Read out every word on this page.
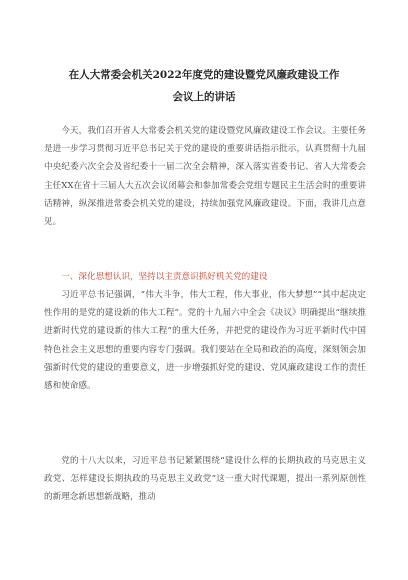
在人大常委会机关2022年度党的建设暨党风廉政建设工作
会议上的讲话

今天，我们召开省人大常委会机关党的建设暨党风廉政建设工作会议。主要任务是进一步学习贯彻习近平总书记关于党的建设的重要讲话指示批示，认真贯彻十九届中央纪委六次全会及省纪委十一届二次全会精神，深入落实省委书记、省人大常委会主任XX在省十三届人大五次会议闭幕会和参加常委会党组专题民主生活会时的重要讲话精神，纵深推进常委会机关党的建设，持续加强党风廉政建设。下面，我讲几点意见。

一、深化思想认识，坚持以主责意识抓好机关党的建设

习近平总书记强调，“伟大斗争，伟大工程，伟大事业，伟大梦想”“其中起决定性作用的是党的建设新的伟大工程”。党的十九届六中全会《决议》明确提出“继续推进新时代党的建设新的伟大工程”的重大任务，并把党的建设作为习近平新时代中国特色社会主义思想的重要内容专门强调。我们要站在全局和政治的高度，深刻领会加强新时代党的建设的重要意义，进一步增强抓好党的建设、党风廉政建设工作的责任感和使命感。

党的十八大以来，习近平总书记紧紧围绕“建设什么样的长期执政的马克思主义政党、怎样建设长期执政的马克思主义政党”这一重大时代课题，提出一系列原创性的新理念新思想新战略，推动
